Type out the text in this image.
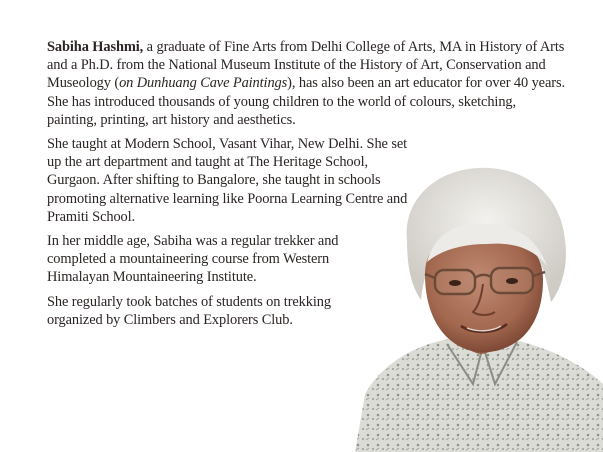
Sabiha Hashmi, a graduate of Fine Arts from Delhi College of Arts, MA in History of Arts and a Ph.D. from the National Museum Institute of the History of Art, Conservation and Museology (on Dunhuang Cave Paintings), has also been an art educator for over 40 years. She has introduced thousands of young children to the world of colours, sketching, painting, printing, art history and aesthetics.

She taught at Modern School, Vasant Vihar, New Delhi. She set up the art department and taught at The Heritage School, Gurgaon. After shifting to Bangalore, she taught in schools promoting alternative learning like Poorna Learning Centre and Pramiti School.

In her middle age, Sabiha was a regular trekker and completed a mountaineering course from Western Himalayan Mountaineering Institute.

She regularly took batches of students on trekking organized by Climbers and Explorers Club.
